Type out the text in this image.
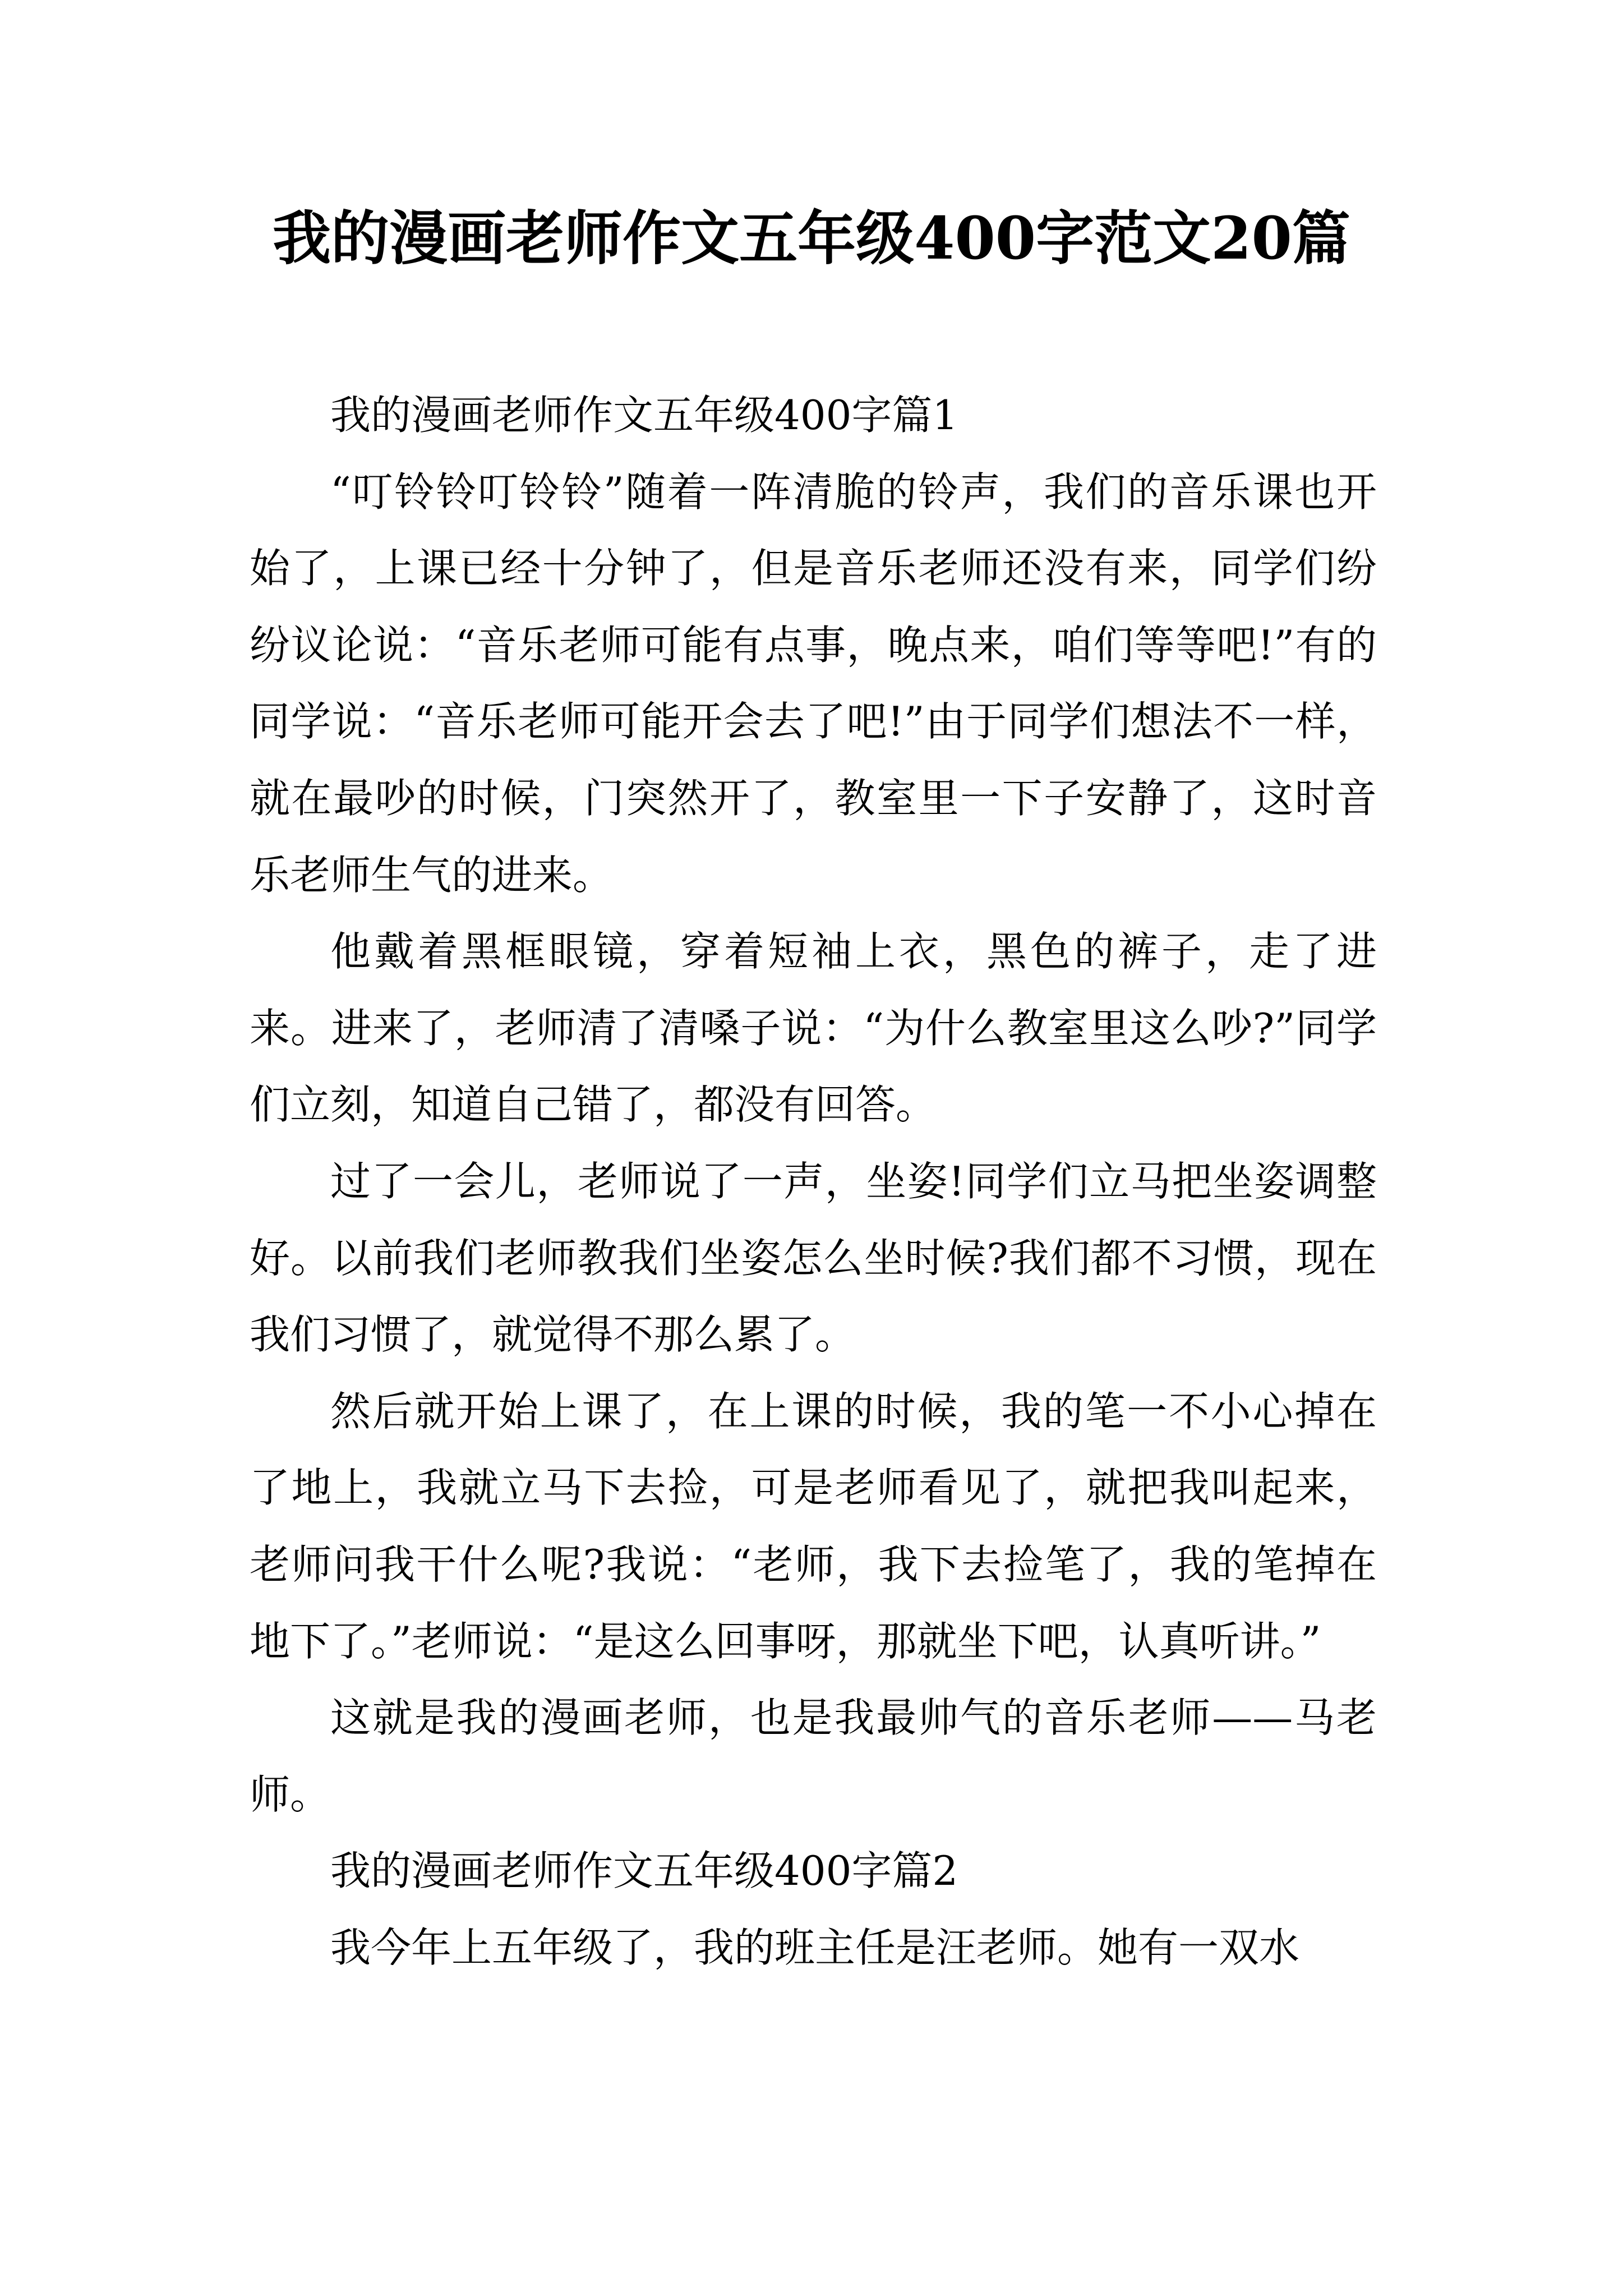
我的漫画老师作文五年级400字范文20篇

我的漫画老师作文五年级400字篇1

“叮铃铃叮铃铃”随着一阵清脆的铃声，我们的音乐课也开始了，上课已经十分钟了，但是音乐老师还没有来，同学们纷纷议论说：“音乐老师可能有点事，晚点来，咱们等等吧!”有的同学说：“音乐老师可能开会去了吧!”由于同学们想法不一样，就在最吵的时候，门突然开了，教室里一下子安静了，这时音乐老师生气的进来。

他戴着黑框眼镜，穿着短袖上衣，黑色的裤子，走了进来。进来了，老师清了清嗓子说：“为什么教室里这么吵?”同学们立刻，知道自己错了，都没有回答。

过了一会儿，老师说了一声，坐姿!同学们立马把坐姿调整好。以前我们老师教我们坐姿怎么坐时候?我们都不习惯，现在我们习惯了，就觉得不那么累了。

然后就开始上课了，在上课的时候，我的笔一不小心掉在了地上，我就立马下去捡，可是老师看见了，就把我叫起来，老师问我干什么呢?我说：“老师，我下去捡笔了，我的笔掉在地下了。”老师说：“是这么回事呀，那就坐下吧，认真听讲。”

这就是我的漫画老师，也是我最帅气的音乐老师——马老师。

我的漫画老师作文五年级400字篇2

我今年上五年级了，我的班主任是汪老师。她有一双水
